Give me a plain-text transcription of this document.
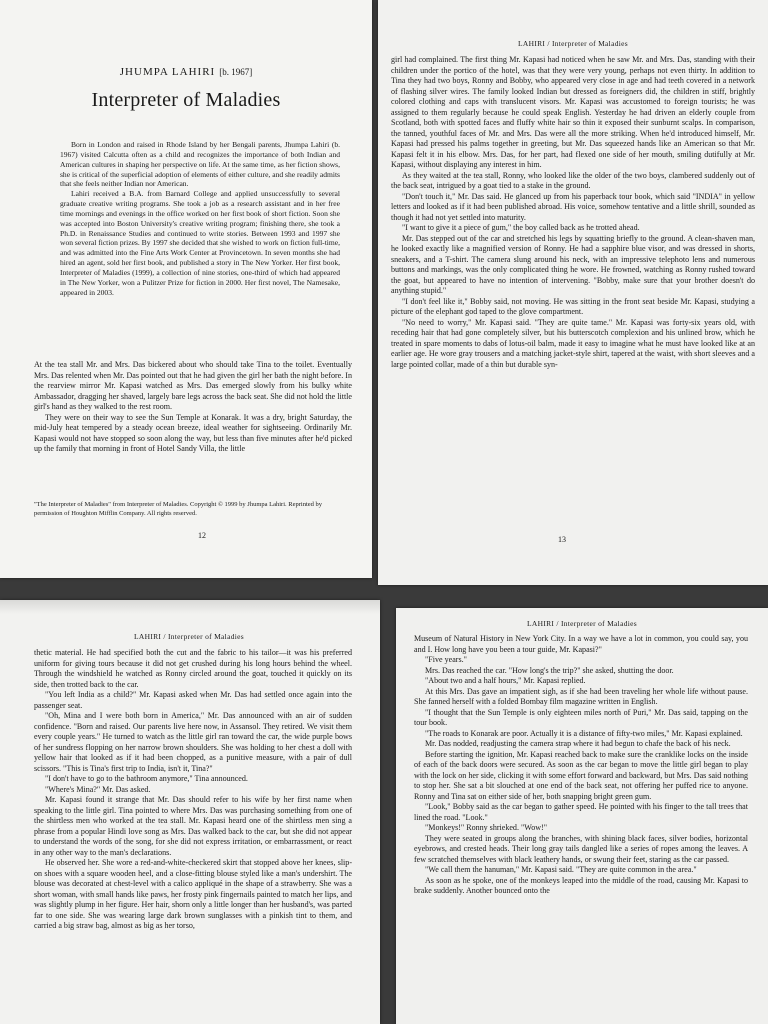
JHUMPA LAHIRI [b. 1967]
Interpreter of Maladies

Born in London and raised in Rhode Island by her Bengali parents, Jhumpa Lahiri (b. 1967) visited Calcutta often as a child and recognizes the importance of both Indian and American cultures in shaping her perspective on life. At the same time, as her fiction shows, she is critical of the superficial adoption of elements of either culture, and she readily admits that she feels neither Indian nor American.

Lahiri received a B.A. from Barnard College and applied unsuccessfully to several graduate creative writing programs. She took a job as a research assistant and in her free time mornings and evenings in the office worked on her first book of short fiction. Soon she was accepted into Boston University's creative writing program; finishing there, she took a Ph.D. in Renaissance Studies and continued to write stories. Between 1993 and 1997 she won several fiction prizes. By 1997 she decided that she wished to work on fiction full-time, and was admitted into the Fine Arts Work Center at Provincetown. In seven months she had hired an agent, sold her first book, and published a story in The New Yorker. Her first book, Interpreter of Maladies (1999), a collection of nine stories, one-third of which had appeared in The New Yorker, won a Pulitzer Prize for fiction in 2000. Her first novel, The Namesake, appeared in 2003.

At the tea stall Mr. and Mrs. Das bickered about who should take Tina to the toilet. Eventually Mrs. Das relented when Mr. Das pointed out that he had given the girl her bath the night before. In the rearview mirror Mr. Kapasi watched as Mrs. Das emerged slowly from his bulky white Ambassador, dragging her shaved, largely bare legs across the back seat. She did not hold the little girl's hand as they walked to the rest room.

They were on their way to see the Sun Temple at Konarak. It was a dry, bright Saturday, the mid-July heat tempered by a steady ocean breeze, ideal weather for sightseeing. Ordinarily Mr. Kapasi would not have stopped so soon along the way, but less than five minutes after he'd picked up the family that morning in front of Hotel Sandy Villa, the little

"The Interpreter of Maladies" from Interpreter of Maladies. Copyright © 1999 by Jhumpa Lahiri. Reprinted by permission of Houghton Mifflin Company. All rights reserved.
12
LAHIRI / Interpreter of Maladies

girl had complained. The first thing Mr. Kapasi had noticed when he saw Mr. and Mrs. Das, standing with their children under the portico of the hotel, was that they were very young, perhaps not even thirty. In addition to Tina they had two boys, Ronny and Bobby, who appeared very close in age and had teeth covered in a network of flashing silver wires. The family looked Indian but dressed as foreigners did, the children in stiff, brightly colored clothing and caps with translucent visors. Mr. Kapasi was accustomed to foreign tourists; he was assigned to them regularly because he could speak English. Yesterday he had driven an elderly couple from Scotland, both with spotted faces and fluffy white hair so thin it exposed their sunburnt scalps. In comparison, the tanned, youthful faces of Mr. and Mrs. Das were all the more striking. When he'd introduced himself, Mr. Kapasi had pressed his palms together in greeting, but Mr. Das squeezed hands like an American so that Mr. Kapasi felt it in his elbow. Mrs. Das, for her part, had flexed one side of her mouth, smiling dutifully at Mr. Kapasi, without displaying any interest in him.

As they waited at the tea stall, Ronny, who looked like the older of the two boys, clambered suddenly out of the back seat, intrigued by a goat tied to a stake in the ground.

"Don't touch it," Mr. Das said. He glanced up from his paperback tour book, which said "INDIA" in yellow letters and looked as if it had been published abroad. His voice, somehow tentative and a little shrill, sounded as though it had not yet settled into maturity.

"I want to give it a piece of gum," the boy called back as he trotted ahead.

Mr. Das stepped out of the car and stretched his legs by squatting briefly to the ground. A clean-shaven man, he looked exactly like a magnified version of Ronny. He had a sapphire blue visor, and was dressed in shorts, sneakers, and a T-shirt. The camera slung around his neck, with an impressive telephoto lens and numerous buttons and markings, was the only complicated thing he wore. He frowned, watching as Ronny rushed toward the goat, but appeared to have no intention of intervening. "Bobby, make sure that your brother doesn't do anything stupid."

"I don't feel like it," Bobby said, not moving. He was sitting in the front seat beside Mr. Kapasi, studying a picture of the elephant god taped to the glove compartment.

"No need to worry," Mr. Kapasi said. "They are quite tame." Mr. Kapasi was forty-six years old, with receding hair that had gone completely silver, but his butterscotch complexion and his unlined brow, which he treated in spare moments to dabs of lotus-oil balm, made it easy to imagine what he must have looked like at an earlier age. He wore gray trousers and a matching jacket-style shirt, tapered at the waist, with short sleeves and a large pointed collar, made of a thin but durable syn-

13
LAHIRI / Interpreter of Maladies

thetic material. He had specified both the cut and the fabric to his tailor—it was his preferred uniform for giving tours because it did not get crushed during his long hours behind the wheel. Through the windshield he watched as Ronny circled around the goat, touched it quickly on its side, then trotted back to the car.

"You left India as a child?" Mr. Kapasi asked when Mr. Das had settled once again into the passenger seat.

"Oh, Mina and I were both born in America," Mr. Das announced with an air of sudden confidence. "Born and raised. Our parents live here now, in Assansol. They retired. We visit them every couple years." He turned to watch as the little girl ran toward the car, the wide purple bows of her sundress flopping on her narrow brown shoulders. She was holding to her chest a doll with yellow hair that looked as if it had been chopped, as a punitive measure, with a pair of dull scissors. "This is Tina's first trip to India, isn't it, Tina?"

"I don't have to go to the bathroom anymore," Tina announced.

"Where's Mina?" Mr. Das asked.

Mr. Kapasi found it strange that Mr. Das should refer to his wife by her first name when speaking to the little girl. Tina pointed to where Mrs. Das was purchasing something from one of the shirtless men who worked at the tea stall. Mr. Kapasi heard one of the shirtless men sing a phrase from a popular Hindi love song as Mrs. Das walked back to the car, but she did not appear to understand the words of the song, for she did not express irritation, or embarrassment, or react in any other way to the man's declarations.

He observed her. She wore a red-and-white-checkered skirt that stopped above her knees, slip-on shoes with a square wooden heel, and a close-fitting blouse styled like a man's undershirt. The blouse was decorated at chest-level with a calico appliqué in the shape of a strawberry. She was a short woman, with small hands like paws, her frosty pink fingernails painted to match her lips, and was slightly plump in her figure. Her hair, shorn only a little longer than her husband's, was parted far to one side. She was wearing large dark brown sunglasses with a pinkish tint to them, and carried a big straw bag, almost as big as her torso,

LAHIRI / Interpreter of Maladies

Museum of Natural History in New York City. In a way we have a lot in common, you could say, you and I. How long have you been a tour guide, Mr. Kapasi?"

"Five years."

Mrs. Das reached the car. "How long's the trip?" she asked, shutting the door.

"About two and a half hours," Mr. Kapasi replied.

At this Mrs. Das gave an impatient sigh, as if she had been traveling her whole life without pause. She fanned herself with a folded Bombay film magazine written in English.

"I thought that the Sun Temple is only eighteen miles north of Puri," Mr. Das said, tapping on the tour book.

"The roads to Konarak are poor. Actually it is a distance of fifty-two miles," Mr. Kapasi explained.

Mr. Das nodded, readjusting the camera strap where it had begun to chafe the back of his neck.

Before starting the ignition, Mr. Kapasi reached back to make sure the cranklike locks on the inside of each of the back doors were secured. As soon as the car began to move the little girl began to play with the lock on her side, clicking it with some effort forward and backward, but Mrs. Das said nothing to stop her. She sat a bit slouched at one end of the back seat, not offering her puffed rice to anyone. Ronny and Tina sat on either side of her, both snapping bright green gum.

"Look," Bobby said as the car began to gather speed. He pointed with his finger to the tall trees that lined the road. "Look."

"Monkeys!" Ronny shrieked. "Wow!"

They were seated in groups along the branches, with shining black faces, silver bodies, horizontal eyebrows, and crested heads. Their long gray tails dangled like a series of ropes among the leaves. A few scratched themselves with black leathery hands, or swung their feet, staring as the car passed.

"We call them the hanuman," Mr. Kapasi said. "They are quite common in the area."

As soon as he spoke, one of the monkeys leaped into the middle of the road, causing Mr. Kapasi to brake suddenly. Another bounced onto the
